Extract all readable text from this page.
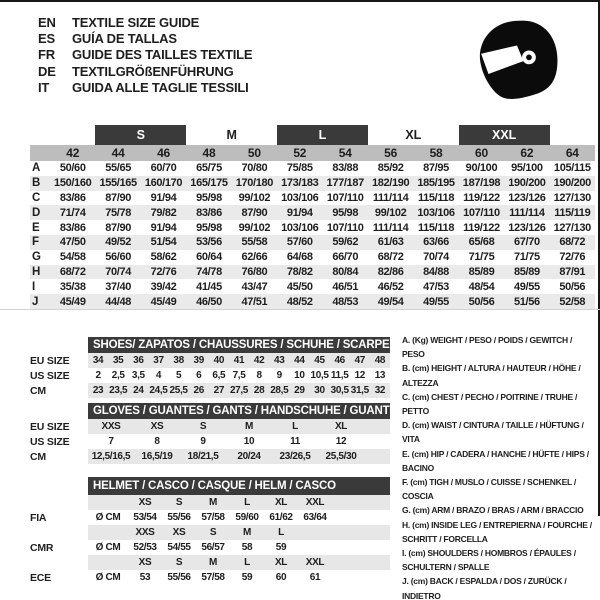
EN	TEXTILE SIZE GUIDE
ES	GUÍA DE TALLAS
FR	GUIDE DES TAILLES TEXTILE
DE	TEXTILGRÖßENFÜHRUNG
IT	GUIDA ALLE TAGLIE TESSILI
S	M	L	XL	XXL
42	44	46	48	50	52	54	56	58	60	62	64
A	50/60	55/65	60/70	65/75	70/80	75/85	83/88	85/92	87/95	90/100	95/100	105/115
B	150/160 155/165 160/170 165/175 170/180 173/183 177/187 182/190 185/195 187/198 190/200 190/200
C	83/86	87/90	91/94	95/98	99/102 103/106 107/110 111/114 115/118 119/122 123/126 127/130
D	71/74	75/78	79/82	83/86	87/90	91/94	95/98	99/102 103/106 107/110 111/114 115/119
E	83/86	87/90	91/94	95/98	99/102 103/106 107/110 111/114 115/118 119/122 123/126 127/130
F	47/50	49/52	51/54	53/56	55/58	57/60	59/62	61/63	63/66	65/68	67/70	68/72
G	54/58	56/60	58/62	60/64	62/66	64/68	66/70	68/72	70/74	71/75	71/75	72/76
H	68/72	70/74	72/76	74/78	76/80	78/82	80/84	82/86	84/88	85/89	85/89	87/91
I	35/38	37/40	39/42	41/45	43/47	45/50	46/51	46/52	47/53	48/54	49/55	50/56
J	45/49	44/48	45/49	46/50	47/51	48/52	48/53	49/54	49/55	50/56	51/56	52/58
SHOES/ ZAPATOS / CHAUSSURES / SCHUHE / SCARPE
EU SIZE	34 35 36 37 38 39 40 41 42 43 44 45 46 47 48
US SIZE	2	2,5 3,5	4	5	6	6,5 7,5	8	9	10 10,5 11,5 12 13
CM	23 23,5 24 24,5 25,5 26 27 27,5 28 28,5 29 30 30,5 31,5 32
GLOVES / GUANTES / GANTS / HANDSCHUHE / GUANTI
EU SIZE	XXS	XS	S	M	L	XL
US SIZE	7	8	9	10	11	12
CM	12,5/16,5	16,5/19	18/21,5	20/24	23/26,5	25,5/30
HELMET / CASCO / CASQUE / HELM / CASCO
XS	S	M	L	XL	XXL
FIA	Ø CM	53/54	55/56	57/58	59/60	61/62	63/64
XXS	XS	S	M	L
CMR	Ø CM	52/53	54/55	56/57	58	59
XS	S	M	L	XL	XXL
ECE	Ø CM	53	55/56	57/58	59	60	61
A. (Kg) WEIGHT / PESO / POIDS / GEWITCH / PESO
B. (cm) HEIGHT / ALTURA / HAUTEUR / HÖHE / ALTEZZA
C. (cm) CHEST / PECHO / POITRINE / TRUHE / PETTO
D. (cm) WAIST / CINTURA / TAILLE / HÜFTUNG / VITA
E. (cm) HIP / CADERA / HANCHE / HÜFTE / HIPS / BACINO
F. (cm) TIGH / MUSLO / CUISSE / SCHENKEL / COSCIA
G. (cm) ARM / BRAZO / BRAS / ARM / BRACCIO
H. (cm) INSIDE LEG / ENTREPIERNA / FOURCHE / SCHRITT / FORCELLA
I. (cm) SHOULDERS / HOMBROS / ÉPAULES / SCHULTERN / SPALLE
J. (cm) BACK / ESPALDA / DOS / ZURÜCK / INDIETRO
